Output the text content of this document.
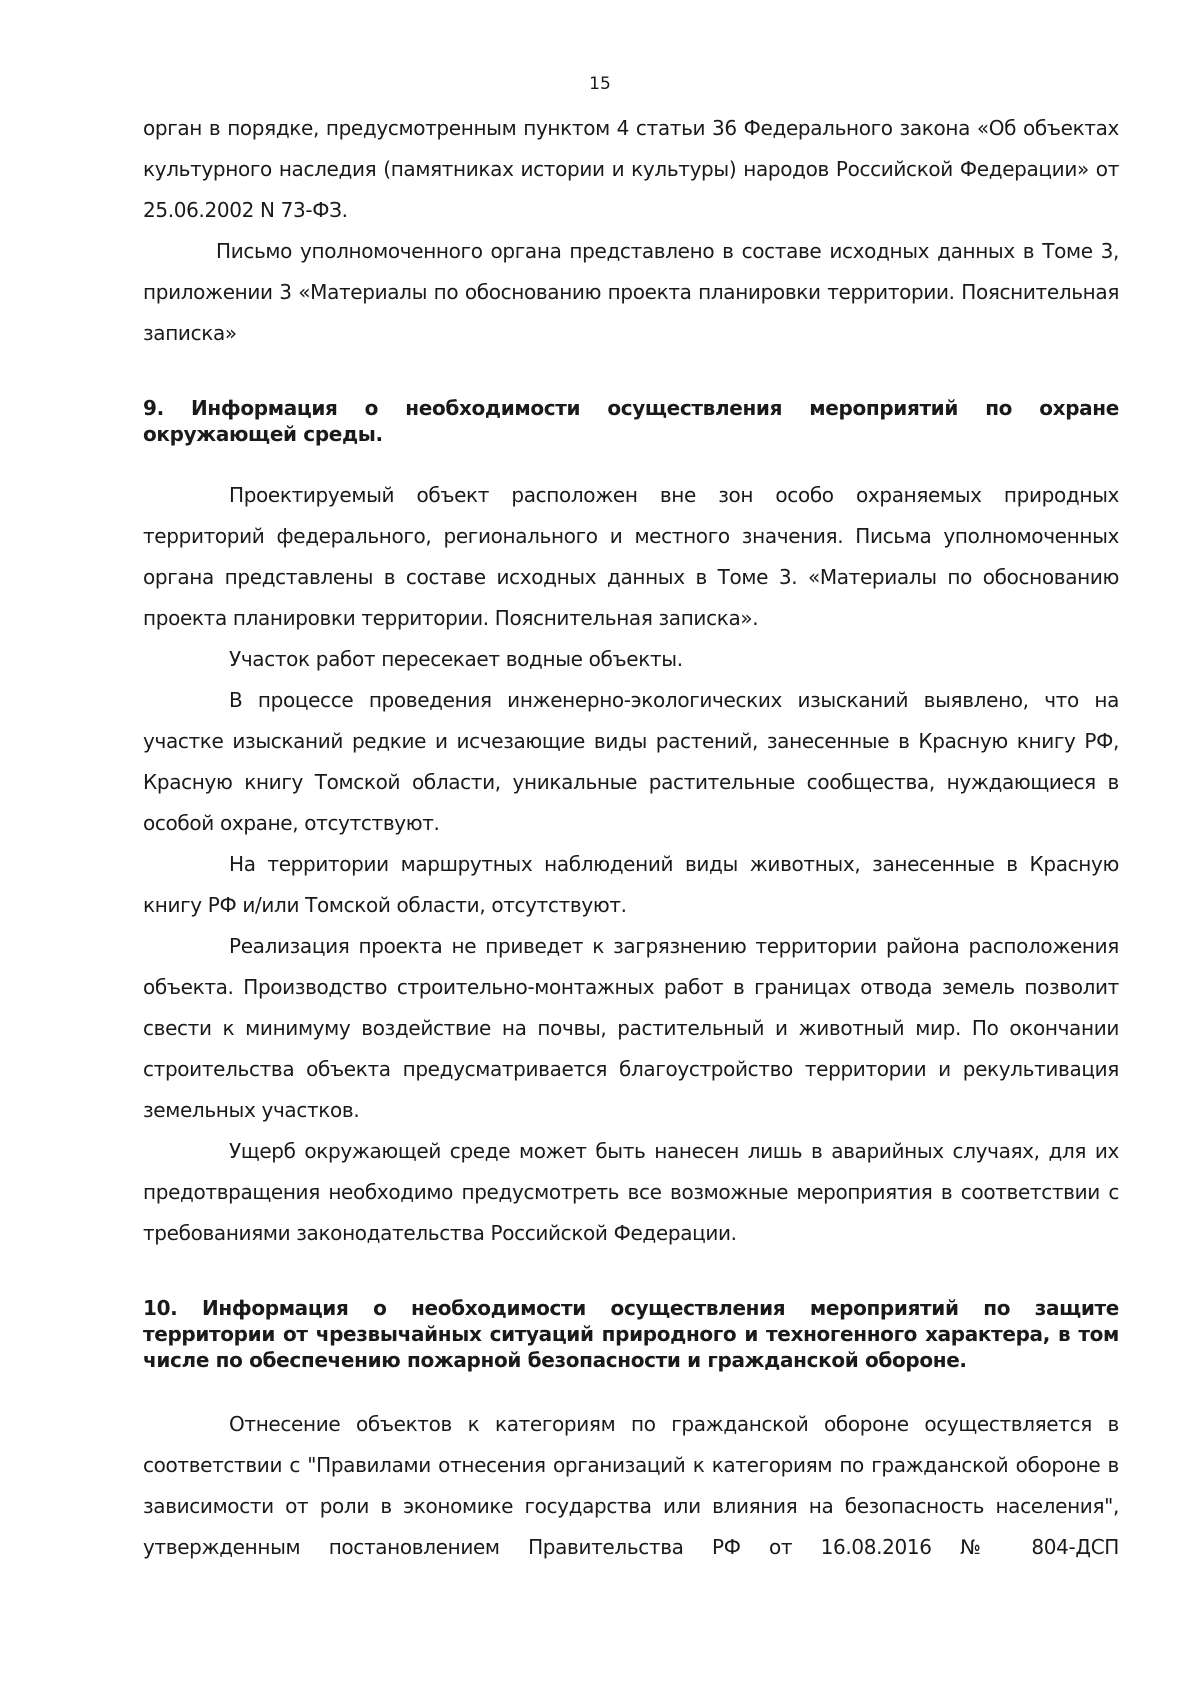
15

орган в порядке, предусмотренным пунктом 4 статьи 36 Федерального закона «Об объектах культурного наследия (памятниках истории и культуры) народов Российской Федерации» от 25.06.2002 N 73-ФЗ.

Письмо уполномоченного органа представлено в составе исходных данных в Томе 3, приложении 3 «Материалы по обоснованию проекта планировки территории. Пояснительная записка»

9. Информация о необходимости осуществления мероприятий по охране окружающей среды.

Проектируемый объект расположен вне зон особо охраняемых природных территорий федерального, регионального и местного значения. Письма уполномоченных органа представлены в составе исходных данных в Томе 3. «Материалы по обоснованию проекта планировки территории. Пояснительная записка».

Участок работ пересекает водные объекты.

В процессе проведения инженерно-экологических изысканий выявлено, что на участке изысканий редкие и исчезающие виды растений, занесенные в Красную книгу РФ, Красную книгу Томской области, уникальные растительные сообщества, нуждающиеся в особой охране, отсутствуют.

На территории маршрутных наблюдений виды животных, занесенные в Красную книгу РФ и/или Томской области, отсутствуют.

Реализация проекта не приведет к загрязнению территории района расположения объекта. Производство строительно-монтажных работ в границах отвода земель позволит свести к минимуму воздействие на почвы, растительный и животный мир. По окончании строительства объекта предусматривается благоустройство территории и рекультивация земельных участков.

Ущерб окружающей среде может быть нанесен лишь в аварийных случаях, для их предотвращения необходимо предусмотреть все возможные мероприятия в соответствии с требованиями законодательства Российской Федерации.

10. Информация о необходимости осуществления мероприятий по защите территории от чрезвычайных ситуаций природного и техногенного характера, в том числе по обеспечению пожарной безопасности и гражданской обороне.

Отнесение объектов к категориям по гражданской обороне осуществляется в соответствии с "Правилами отнесения организаций к категориям по гражданской обороне в зависимости от роли в экономике государства или влияния на безопасность населения", утвержденным постановлением Правительства РФ от 16.08.2016 № 804-ДСП
